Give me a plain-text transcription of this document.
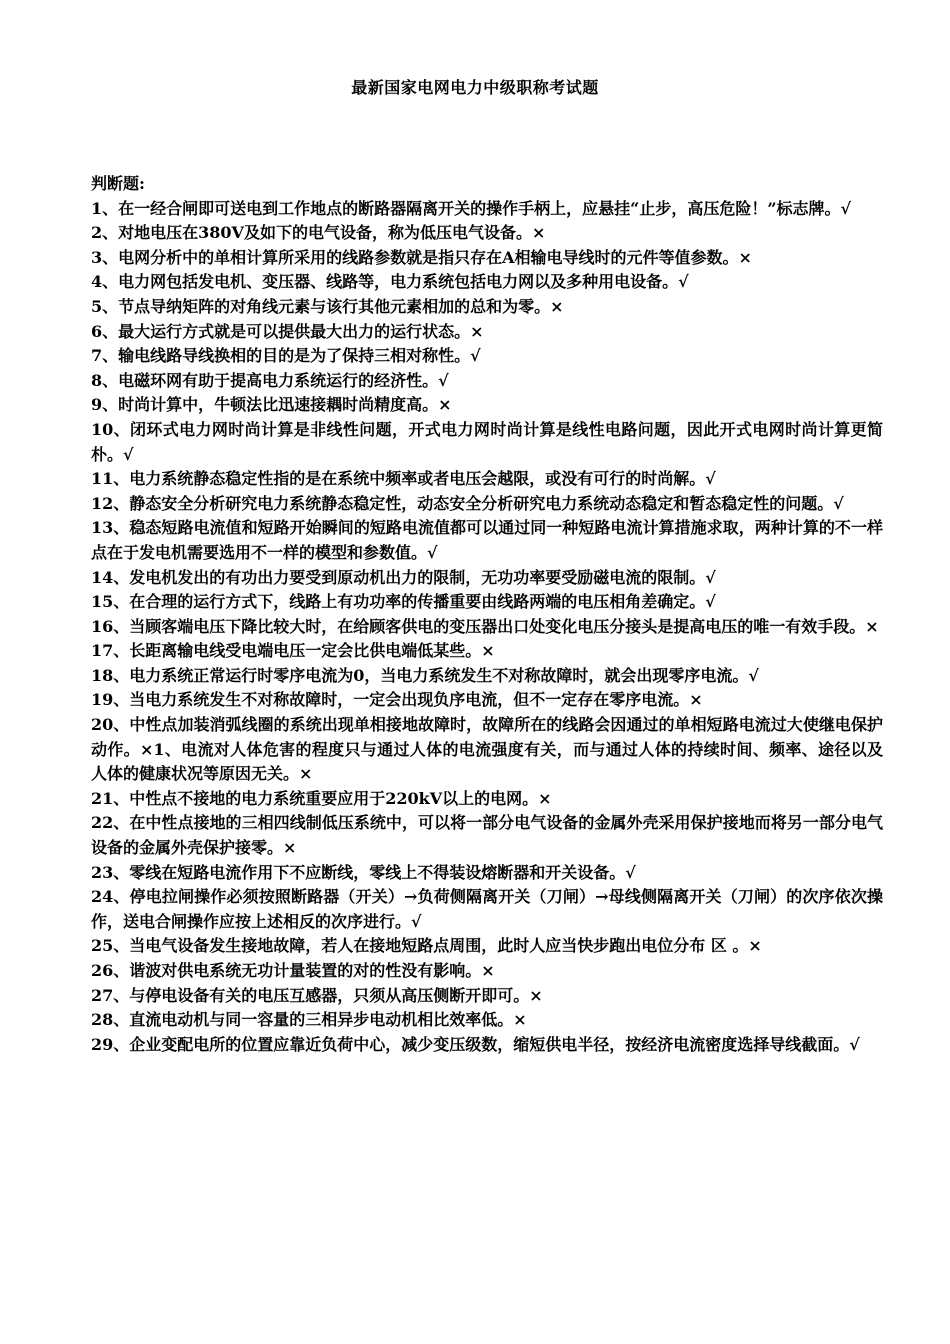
最新国家电网电力中级职称考试题

判断题:

1、在一经合闸即可送电到工作地点的断路器隔离开关的操作手柄上，应悬挂“止步，高压危险！”标志牌。√

2、对地电压在380V及如下的电气设备，称为低压电气设备。×

3、电网分析中的单相计算所采用的线路参数就是指只存在A相输电导线时的元件等值参数。×

4、电力网包括发电机、变压器、线路等，电力系统包括电力网以及多种用电设备。√

5、节点导纳矩阵的对角线元素与该行其他元素相加的总和为零。×

6、最大运行方式就是可以提供最大出力的运行状态。×

7、输电线路导线换相的目的是为了保持三相对称性。√

8、电磁环网有助于提高电力系统运行的经济性。√

9、时尚计算中，牛顿法比迅速接耦时尚精度高。×

10、闭环式电力网时尚计算是非线性问题，开式电力网时尚计算是线性电路问题，因此开式电网时尚计算更简朴。√

11、电力系统静态稳定性指的是在系统中频率或者电压会越限，或没有可行的时尚解。√

12、静态安全分析研究电力系统静态稳定性，动态安全分析研究电力系统动态稳定和暂态稳定性的问题。√

13、稳态短路电流值和短路开始瞬间的短路电流值都可以通过同一种短路电流计算措施求取，两种计算的不一样点在于发电机需要选用不一样的模型和参数值。√

14、发电机发出的有功出力要受到原动机出力的限制，无功功率要受励磁电流的限制。√

15、在合理的运行方式下，线路上有功功率的传播重要由线路两端的电压相角差确定。√

16、当顾客端电压下降比较大时，在给顾客供电的变压器出口处变化电压分接头是提高电压的唯一有效手段。×

17、长距离输电线受电端电压一定会比供电端低某些。×

18、电力系统正常运行时零序电流为0，当电力系统发生不对称故障时，就会出现零序电流。√

19、当电力系统发生不对称故障时，一定会出现负序电流，但不一定存在零序电流。×

20、中性点加装消弧线圈的系统出现单相接地故障时，故障所在的线路会因通过的单相短路电流过大使继电保护动作。×1、电流对人体危害的程度只与通过人体的电流强度有关，而与通过人体的持续时间、频率、途径以及人体的健康状况等原因无关。×

21、中性点不接地的电力系统重要应用于220kV以上的电网。×

22、在中性点接地的三相四线制低压系统中，可以将一部分电气设备的金属外壳采用保护接地而将另一部分电气设备的金属外壳保护接零。×

23、零线在短路电流作用下不应断线，零线上不得装设熔断器和开关设备。√

24、停电拉闸操作必须按照断路器（开关）→负荷侧隔离开关（刀闸）→母线侧隔离开关（刀闸）的次序依次操作，送电合闸操作应按上述相反的次序进行。√

25、当电气设备发生接地故障，若人在接地短路点周围，此时人应当快步跑出电位分布 区 。×

26、谐波对供电系统无功计量装置的对的性没有影响。×

27、与停电设备有关的电压互感器，只须从高压侧断开即可。×

28、直流电动机与同一容量的三相异步电动机相比效率低。×

29、企业变配电所的位置应靠近负荷中心，减少变压级数，缩短供电半径，按经济电流密度选择导线截面。√
